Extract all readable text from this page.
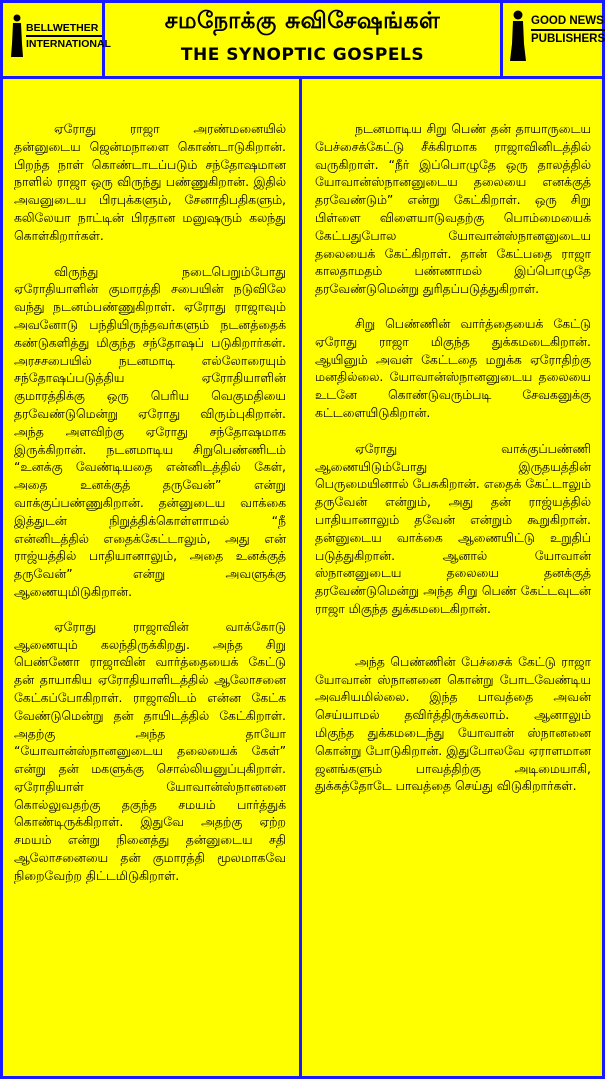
BELLWETHER
INTERNATIONAL
சமநோக்கு சுவிசேஷங்கள்
THE SYNOPTIC GOSPELS
GOOD NEWS
PUBLISHERS

ஏரோது ராஜா அரண்மனையில் தன்னுடைய ஜென்மநாளை கொண்டாடுகிறான். பிறந்த நாள் கொண்டாடப்படும் சந்தோஷமான நாளில் ராஜா ஒரு விருந்து பண்ணுகிறான். இதில் அவனுடைய பிரபுக்களும், சேனாதிபதிகளும், கலிலேயா நாட்டின் பிரதான மனுஷரும் கலந்து கொள்கிறார்கள்.

விருந்து நடைபெறும்போது ஏரோதியாளின் குமாரத்தி சபையின் நடுவிலே வந்து நடனம்பண்ணுகிறாள். ஏரோது ராஜாவும் அவனோடு பந்தியிருந்தவர்களும் நடனத்தைக் கண்டுகளித்து மிகுந்த சந்தோஷப் படுகிறார்கள். அரசசபையில் நடனமாடி எல்லோரையும் சந்தோஷப்படுத்திய ஏரோதியாளின் குமாரத்திக்கு ஒரு பெரிய வெகுமதியை தரவேண்டுமென்று ஏரோது விரும்புகிறான். அந்த அளவிற்கு ஏரோது சந்தோஷமாக இருக்கிறான். நடனமாடிய சிறுபெண்ணிடம் “உனக்கு வேண்டியதை என்னிடத்தில் கேள், அதை உனக்குத் தருவேன்” என்று வாக்குப்பண்ணுகிறான். தன்னுடைய வாக்கை இத்துடன் நிறுத்திக்கொள்ளாமல் “நீ என்னிடத்தில் எதைக்கேட்டாலும், அது என் ராஜ்யத்தில் பாதியானாலும், அதை உனக்குத் தருவேன்” என்று அவளுக்கு ஆணையுமிடுகிறான்.

ஏரோது ராஜாவின் வாக்கோடு ஆணையும் கலந்திருக்கிறது. அந்த சிறு பெண்ணோ ராஜாவின் வார்த்தையைக் கேட்டு தன் தாயாகிய ஏரோதியாளிடத்தில் ஆலோசனை கேட்கப்போகிறாள். ராஜாவிடம் என்ன கேட்க வேண்டுமென்று தன் தாயிடத்தில் கேட்கிறாள். அதற்கு அந்த தாயோ “யோவான்ஸ்நானனுடைய தலையைக் கேள்” என்று தன் மகளுக்கு சொல்லியனுப்புகிறாள். ஏரோதியாள் யோவான்ஸ்நானனை கொல்லுவதற்கு தகுந்த சமயம் பார்த்துக் கொண்டிருக்கிறாள். இதுவே அதற்கு ஏற்ற சமயம் என்று நினைத்து தன்னுடைய சதி ஆலோசனையை தன் குமாரத்தி மூலமாகவே நிறைவேற்ற திட்டமிடுகிறாள்.

நடனமாடிய சிறு பெண் தன் தாயாருடைய பேச்சைக்கேட்டு சீக்கிரமாக ராஜாவினிடத்தில் வருகிறாள். “நீர் இப்பொழுதே ஒரு தாலத்தில் யோவான்ஸ்நானனுடைய தலையை எனக்குத் தரவேண்டும்” என்று கேட்கிறாள். ஒரு சிறு பிள்ளை விளையாடுவதற்கு பொம்மையைக் கேட்பதுபோல யோவான்ஸ்நானனுடைய தலையைக் கேட்கிறாள். தான் கேட்பதை ராஜா காலதாமதம் பண்ணாமல் இப்பொழுதே தரவேண்டுமென்று துரிதப்படுத்துகிறாள்.

சிறு பெண்ணின் வார்த்தையைக் கேட்டு ஏரோது ராஜா மிகுந்த துக்கமடைகிறான். ஆயினும் அவள் கேட்டதை மறுக்க ஏரோதிற்கு மனதில்லை. யோவான்ஸ்நானனுடைய தலையை உடனே கொண்டுவரும்படி சேவகனுக்கு கட்டளையிடுகிறான்.

ஏரோது வாக்குப்பண்ணி ஆணையிடும்போது இருதயத்தின் பெருமையினால் பேசுகிறான். எதைக் கேட்டாலும் தருவேன் என்றும், அது தன் ராஜ்யத்தில் பாதியானாலும் தவேன் என்றும் கூறுகிறான். தன்னுடைய வாக்கை ஆணையிட்டு உறுதிப் படுத்துகிறான். ஆனால் யோவான் ஸ்நானனுடைய தலையை தனக்குத் தரவேண்டுமென்று அந்த சிறு பெண் கேட்டவுடன் ராஜா மிகுந்த துக்கமடைகிறான்.

அந்த பெண்ணின் பேச்சைக் கேட்டு ராஜா யோவான் ஸ்நானனை கொன்று போடவேண்டிய அவசியமில்லை. இந்த பாவத்தை அவன் செய்யாமல் தவிர்த்திருக்கலாம். ஆனாலும் மிகுந்த துக்கமடைந்து யோவான் ஸ்நானனை கொன்று போடுகிறான். இதுபோலவே ஏராளமான ஜனங்களும் பாவத்திற்கு அடிமையாகி, துக்கத்தோடே பாவத்தை செய்து விடுகிறார்கள்.
